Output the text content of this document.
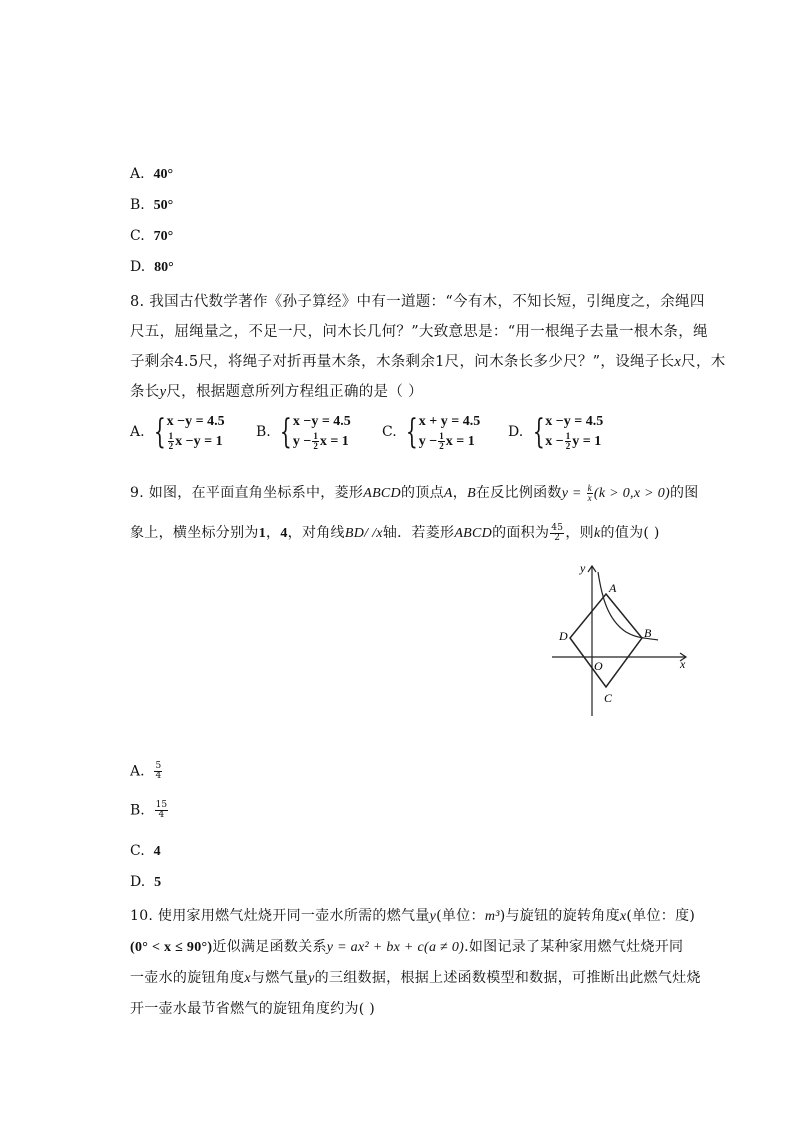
A. 40°
B. 50°
C. 70°
D. 80°
8. 我国古代数学著作《孙子算经》中有一道题：“今有木，不知长短，引绳度之，余绳四
尺五，屈绳量之，不足一尺，问木长几何？”大致意思是：“用一根绳子去量一根木条，绳
子剩余4.5尺，将绳子对折再量木条，木条剩余1尺，问木条长多少尺？”，设绳子长x尺，木
条长y尺，根据题意所列方程组正确的是（ ）
A. { x −y = 4.5
$\frac{1}{2}$ x −y = 1
B. { x −y = 4.5
$y - \frac{1}{2}$ x = 1
C. { x + y = 4.5
$y - \frac{1}{2}$ x = 1
D. { x −y = 4.5
$x - \frac{1}{2}$ y = 1
9. 如图，在平面直角坐标系中，菱形ABCD的顶点A，B在反比例函数$y = \frac{k}{x} (k > 0,x > 0)$的图
象上，横坐标分别为1，4，对角线BD/ /x轴．若菱形ABCD的面积为 $\frac{45}{2}$ ，则k的值为( )
y
x
A
B
C
D
O
A. $\frac{5}{4}$
B. $\frac{15}{4}$
C. 4
D. 5
10. 使用家用燃气灶烧开同一壶水所需的燃气量y(单位：m³)与旋钮的旋转角度x(单位：度)
(0° < x ≤ 90°)近似满足函数关系y = ax² + bx + c(a ≠ 0).如图记录了某种家用燃气灶烧开同
一壶水的旋钮角度x与燃气量y的三组数据，根据上述函数模型和数据，可推断出此燃气灶烧
开一壶水最节省燃气的旋钮角度约为( )
